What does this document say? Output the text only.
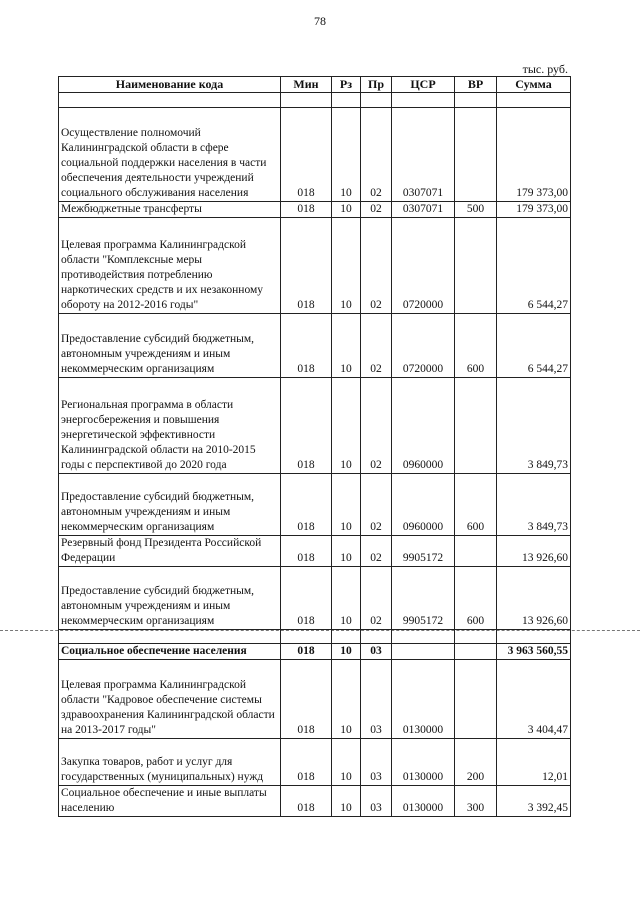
78
тыс. руб.
Наименование кода	Мин	Рз	Пр	ЦСР	ВР	Сумма

Осуществление полномочий Калининградской области в сфере социальной поддержки населения в части обеспечения деятельности учреждений социального обслуживания населения	018	10	02	0307071		179 373,00
Межбюджетные трансферты	018	10	02	0307071	500	179 373,00
Целевая программа Калининградской области "Комплексные меры противодействия потреблению наркотических средств и их незаконному обороту на 2012-2016 годы"	018	10	02	0720000		6 544,27
Предоставление субсидий бюджетным, автономным учреждениям и иным некоммерческим организациям	018	10	02	0720000	600	6 544,27
Региональная программа в области энергосбережения и повышения энергетической эффективности Калининградской области на 2010-2015 годы с перспективой до 2020 года	018	10	02	0960000		3 849,73
Предоставление субсидий бюджетным, автономным учреждениям и иным некоммерческим организациям	018	10	02	0960000	600	3 849,73
Резервный фонд Президента Российской Федерации	018	10	02	9905172		13 926,60
Предоставление субсидий бюджетным, автономным учреждениям и иным некоммерческим организациям	018	10	02	9905172	600	13 926,60

Социальное обеспечение населения	018	10	03			3 963 560,55
Целевая программа Калининградской области "Кадровое обеспечение системы здравоохранения Калининградской области на 2013-2017 годы"	018	10	03	0130000		3 404,47
Закупка товаров, работ и услуг для государственных (муниципальных) нужд	018	10	03	0130000	200	12,01
Социальное обеспечение и иные выплаты населению	018	10	03	0130000	300	3 392,45
